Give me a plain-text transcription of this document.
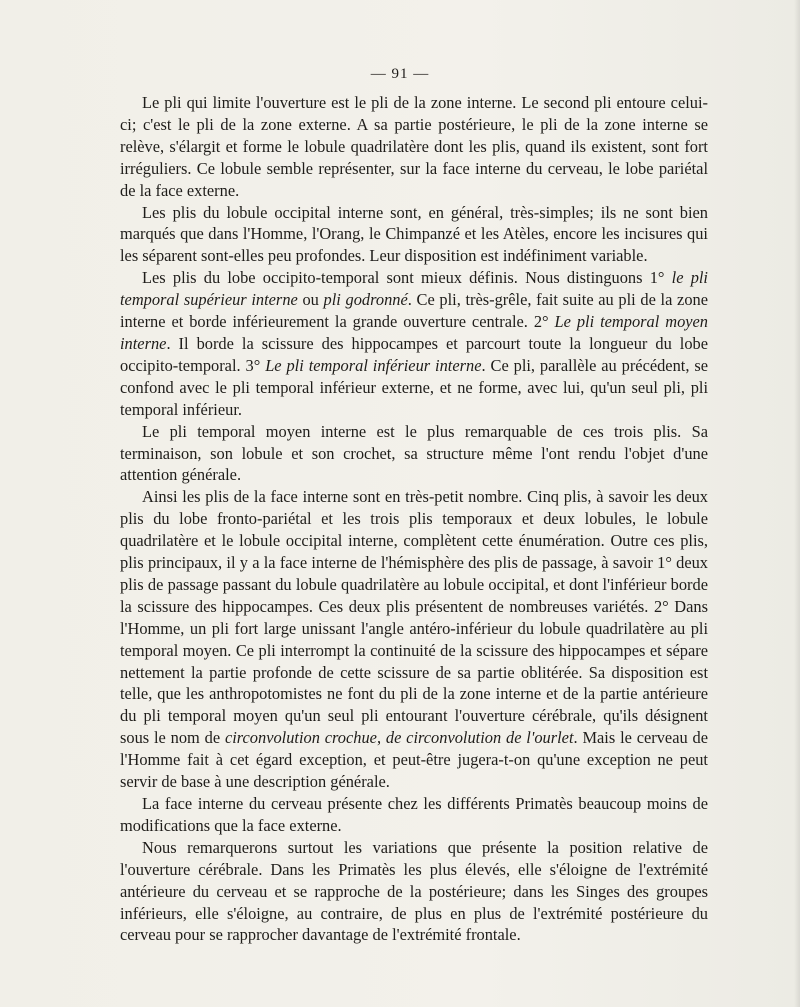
— 91 —

Le pli qui limite l'ouverture est le pli de la zone interne. Le second pli entoure celui-ci; c'est le pli de la zone externe. A sa partie postérieure, le pli de la zone interne se relève, s'élargit et forme le lobule quadrilatère dont les plis, quand ils existent, sont fort irréguliers. Ce lobule semble représenter, sur la face interne du cerveau, le lobe pariétal de la face externe.

Les plis du lobule occipital interne sont, en général, très-simples; ils ne sont bien marqués que dans l'Homme, l'Orang, le Chimpanzé et les Atèles, encore les incisures qui les séparent sont-elles peu profondes. Leur disposition est indéfiniment variable.

Les plis du lobe occipito-temporal sont mieux définis. Nous distinguons 1° le pli temporal supérieur interne ou pli godronné. Ce pli, très-grêle, fait suite au pli de la zone interne et borde inférieurement la grande ouverture centrale. 2° Le pli temporal moyen interne. Il borde la scissure des hippocampes et parcourt toute la longueur du lobe occipito-temporal. 3° Le pli temporal inférieur interne. Ce pli, parallèle au précédent, se confond avec le pli temporal inférieur externe, et ne forme, avec lui, qu'un seul pli, pli temporal inférieur.

Le pli temporal moyen interne est le plus remarquable de ces trois plis. Sa terminaison, son lobule et son crochet, sa structure même l'ont rendu l'objet d'une attention générale.

Ainsi les plis de la face interne sont en très-petit nombre. Cinq plis, à savoir les deux plis du lobe fronto-pariétal et les trois plis temporaux et deux lobules, le lobule quadrilatère et le lobule occipital interne, complètent cette énumération. Outre ces plis, plis principaux, il y a la face interne de l'hémisphère des plis de passage, à savoir 1° deux plis de passage passant du lobule quadrilatère au lobule occipital, et dont l'inférieur borde la scissure des hippocampes. Ces deux plis présentent de nombreuses variétés. 2° Dans l'Homme, un pli fort large unissant l'angle antéro-inférieur du lobule quadrilatère au pli temporal moyen. Ce pli interrompt la continuité de la scissure des hippocampes et sépare nettement la partie profonde de cette scissure de sa partie oblitérée. Sa disposition est telle, que les anthropotomistes ne font du pli de la zone interne et de la partie antérieure du pli temporal moyen qu'un seul pli entourant l'ouverture cérébrale, qu'ils désignent sous le nom de circonvolution crochue, de circonvolution de l'ourlet. Mais le cerveau de l'Homme fait à cet égard exception, et peut-être jugera-t-on qu'une exception ne peut servir de base à une description générale.

La face interne du cerveau présente chez les différents Primatès beaucoup moins de modifications que la face externe.

Nous remarquerons surtout les variations que présente la position relative de l'ouverture cérébrale. Dans les Primatès les plus élevés, elle s'éloigne de l'extrémité antérieure du cerveau et se rapproche de la postérieure; dans les Singes des groupes inférieurs, elle s'éloigne, au contraire, de plus en plus de l'extrémité postérieure du cerveau pour se rapprocher davantage de l'extrémité frontale.
